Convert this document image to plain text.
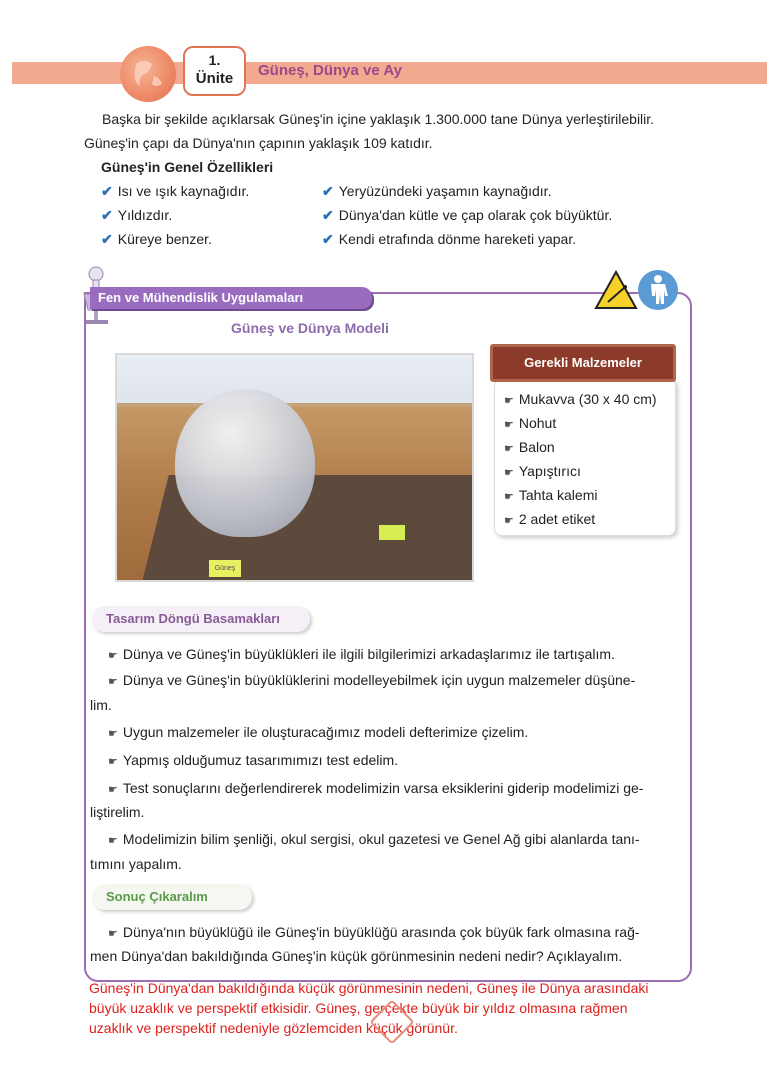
1.
Ünite	Güneş, Dünya ve Ay

Başka bir şekilde açıklarsak Güneş'in içine yaklaşık 1.300.000 tane Dünya yerleştirilebilir. Güneş'in çapı da Dünya'nın çapının yaklaşık 109 katıdır.

Güneş'in Genel Özellikleri
✔ Isı ve ışık kaynağıdır.
✔ Yıldızdır.
✔ Küreye benzer.
✔ Yeryüzündeki yaşamın kaynağıdır.
✔ Dünya'dan kütle ve çap olarak çok büyüktür.
✔ Kendi etrafında dönme hareketi yapar.
Fen ve Mühendislik Uygulamaları
Güneş ve Dünya Modeli
Güneş
Gerekli Malzemeler
☛ Mukavva (30 x 40 cm)
☛ Nohut
☛ Balon
☛ Yapıştırıcı
☛ Tahta kalemi
☛ 2 adet etiket
Tasarım Döngü Basamakları
☛ Dünya ve Güneş'in büyüklükleri ile ilgili bilgilerimizi arkadaşlarımız ile tartışalım.
☛ Dünya ve Güneş'in büyüklüklerini modelleyebilmek için uygun malzemeler düşüne-
lim.
☛ Uygun malzemeler ile oluşturacağımız modeli defterimize çizelim.
☛ Yapmış olduğumuz tasarımımızı test edelim.
☛ Test sonuçlarını değerlendirerek modelimizin varsa eksiklerini giderip modelimizi ge-
liştirelim.
☛ Modelimizin bilim şenliği, okul sergisi, okul gazetesi ve Genel Ağ gibi alanlarda tanı-
tımını yapalım.
Sonuç Çıkaralım
☛ Dünya'nın büyüklüğü ile Güneş'in büyüklüğü arasında çok büyük fark olmasına rağ-
men Dünya'dan bakıldığında Güneş'in küçük görünmesinin nedeni nedir? Açıklayalım.
Güneş'in Dünya'dan bakıldığında küçük görünmesinin nedeni, Güneş ile Dünya arasındaki
büyük uzaklık ve perspektif etkisidir. Güneş, gerçekte büyük bir yıldız olmasına rağmen
uzaklık ve perspektif nedeniyle gözlemciden küçük görünür.
